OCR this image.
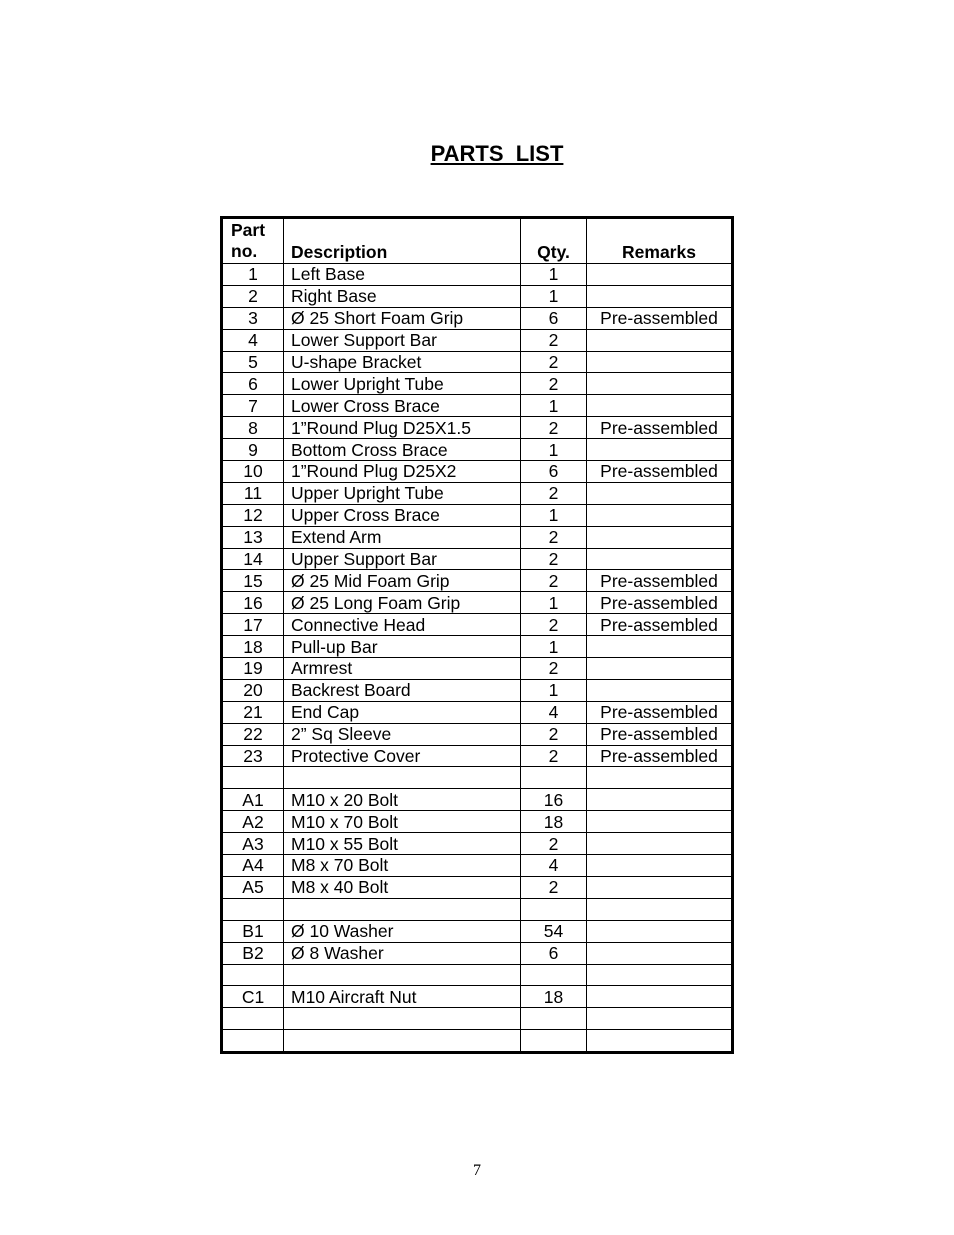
PARTS  LIST
Part
no.	Description	Qty.	Remarks
1	Left Base	1	
2	Right Base	1	
3	Ø 25 Short Foam Grip	6	Pre-assembled
4	Lower Support Bar	2	
5	U-shape Bracket	2	
6	Lower Upright Tube	2	
7	Lower Cross Brace	1	
8	1”Round Plug D25X1.5	2	Pre-assembled
9	Bottom Cross Brace	1	
10	1”Round Plug D25X2	6	Pre-assembled
11	Upper Upright Tube	2	
12	Upper Cross Brace	1	
13	Extend Arm	2	
14	Upper Support Bar	2	
15	Ø 25 Mid Foam Grip	2	Pre-assembled
16	Ø 25 Long Foam Grip	1	Pre-assembled
17	Connective Head	2	Pre-assembled
18	Pull-up Bar	1	
19	Armrest	2	
20	Backrest Board	1	
21	End Cap	4	Pre-assembled
22	2” Sq Sleeve	2	Pre-assembled
23	Protective Cover	2	Pre-assembled

A1	M10 x 20 Bolt	16	
A2	M10 x 70 Bolt	18	
A3	M10 x 55 Bolt	2	
A4	M8 x 70 Bolt	4	
A5	M8 x 40 Bolt	2	

B1	Ø 10 Washer	54	
B2	Ø 8 Washer	6	

C1	M10 Aircraft Nut	18	

7
